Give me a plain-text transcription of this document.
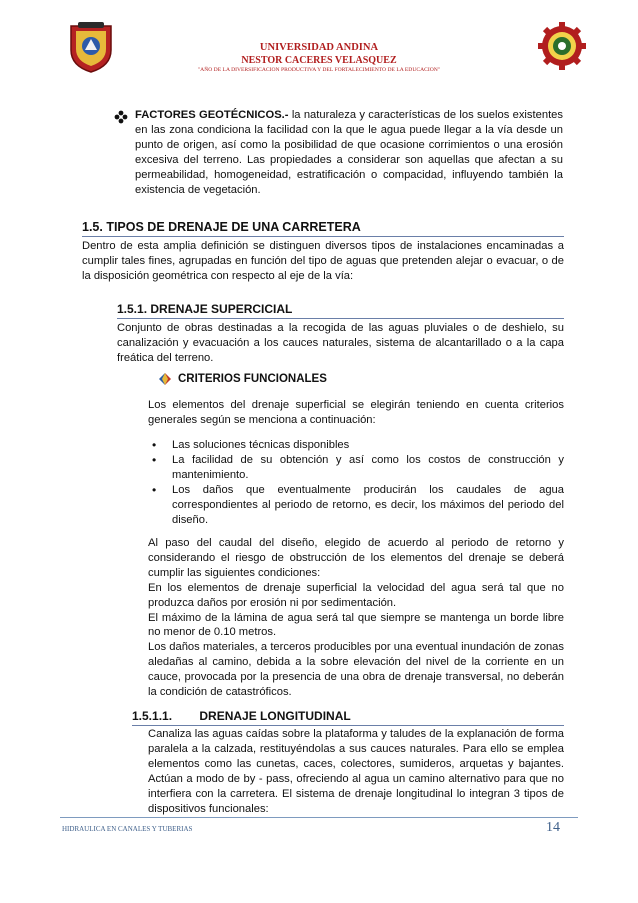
UNIVERSIDAD ANDINA
NESTOR CACERES VELASQUEZ
"AÑO DE LA DIVERSIFICACION PRODUCTIVA Y DEL FORTALECIMIENTO DE LA EDUCACION"

FACTORES GEOTÉCNICOS.- la naturaleza y características de los suelos existentes en las zona condiciona la facilidad con la que le agua puede llegar a la vía desde un punto de origen, así como la posibilidad de que ocasione corrimientos o una erosión excesiva del terreno. Las propiedades a considerar son aquellas que afectan a su permeabilidad, homogeneidad, estratificación o compacidad, influyendo también la existencia de vegetación.

1.5. TIPOS DE DRENAJE DE UNA CARRETERA

Dentro de esta amplia definición se distinguen diversos tipos de instalaciones encaminadas a cumplir tales fines, agrupadas en función del tipo de aguas que pretenden alejar o evacuar, o de la disposición geométrica con respecto al eje de la vía:

1.5.1. DRENAJE SUPERCICIAL

Conjunto de obras destinadas a la recogida de las aguas pluviales o de deshielo, su canalización y evacuación a los cauces naturales, sistema de alcantarillado o a la capa freática del terreno.

CRITERIOS FUNCIONALES

Los elementos del drenaje superficial se elegirán teniendo en cuenta criterios generales según se menciona a continuación:

• Las soluciones técnicas disponibles
• La facilidad de su obtención y así como los costos de construcción y mantenimiento.
• Los daños que eventualmente producirán los caudales de agua correspondientes al periodo de retorno, es decir, los máximos del periodo del diseño.
Al paso del caudal del diseño, elegido de acuerdo al periodo de retorno y considerando el riesgo de obstrucción de los elementos del drenaje se deberá cumplir las siguientes condiciones:
En los elementos de drenaje superficial la velocidad del agua será tal que no produzca daños por erosión ni por sedimentación.
El máximo de la lámina de agua será tal que siempre se mantenga un borde libre no menor de 0.10 metros.
Los daños materiales, a terceros producibles por una eventual inundación de zonas aledañas al camino, debida a la sobre elevación del nivel de la corriente en un cauce, provocada por la presencia de una obra de drenaje transversal, no deberán la condición de catastróficos.
1.5.1.1. DRENAJE LONGITUDINAL

Canaliza las aguas caídas sobre la plataforma y taludes de la explanación de forma paralela a la calzada, restituyéndolas a sus cauces naturales. Para ello se emplea elementos como las cunetas, caces, colectores, sumideros, arquetas y bajantes. Actúan a modo de by - pass, ofreciendo al agua un camino alternativo para que no interfiera con la carretera. El sistema de drenaje longitudinal lo integran 3 tipos de dispositivos funcionales:

HIDRAULICA EN CANALES Y TUBERIAS	14
